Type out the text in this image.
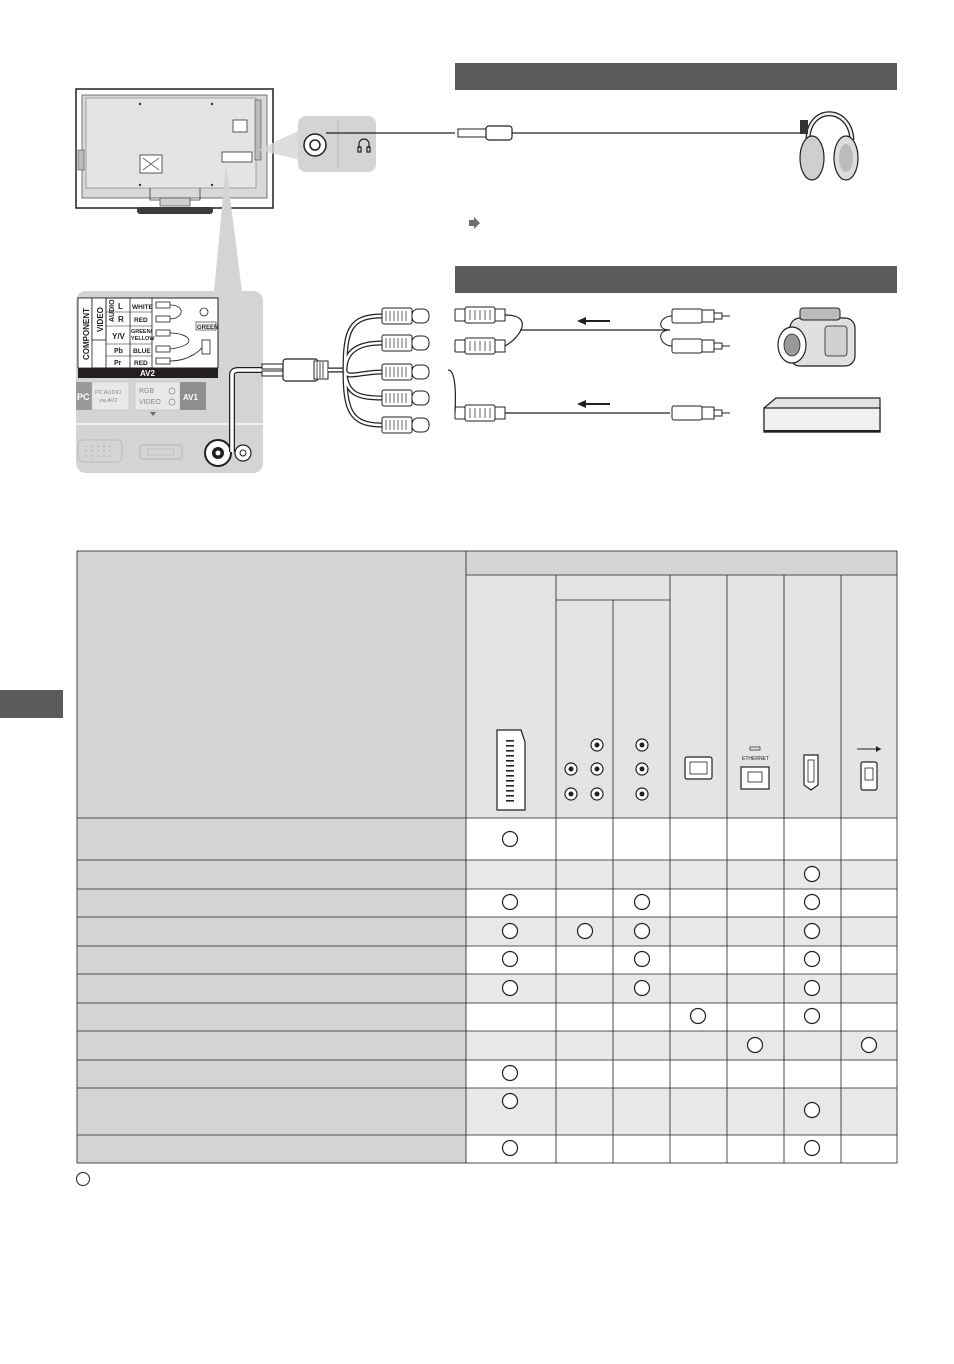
COMPONENT VIDEO AUDIO L
R
Y/V
Pb
Pr
WHITE
RED
GREEN/
YELLOW
BLUE
RED
GREEN
AV2
PC PC AUDIO
via AV2
RGB
VIDEO
AV1
ETHERNET
